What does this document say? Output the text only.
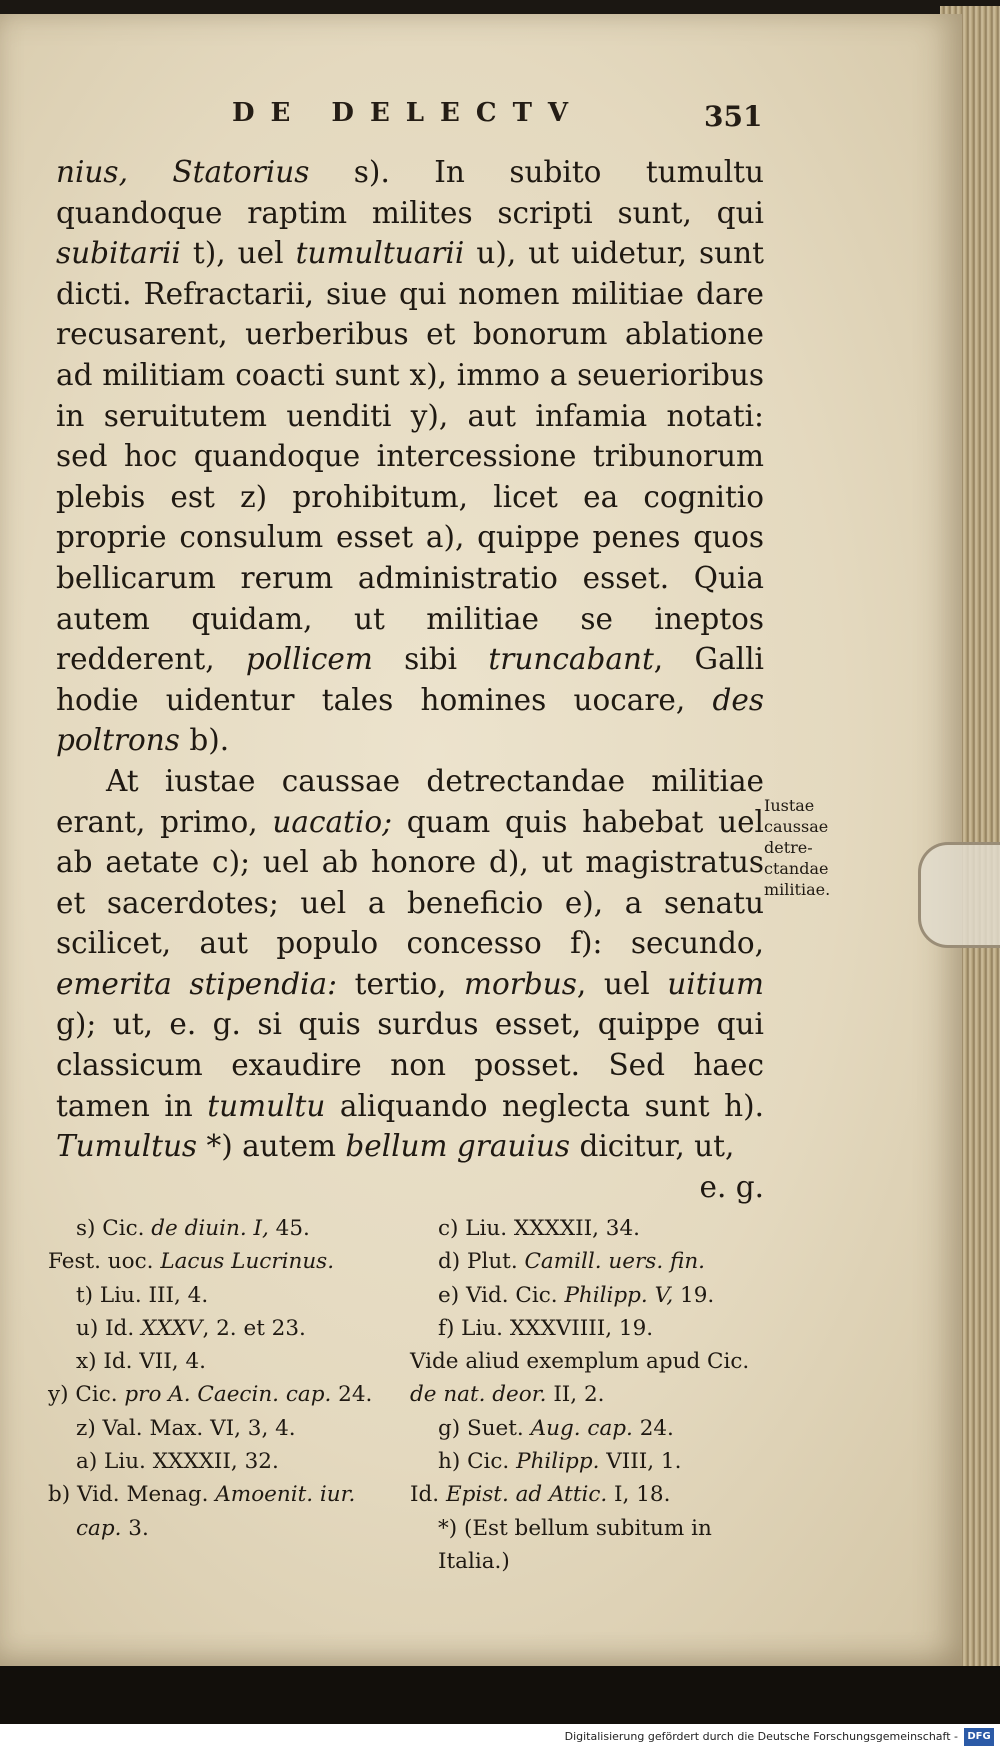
DE DELECTV	351

nius, Statorius s). In subito tumultu quandoque raptim milites scripti sunt, qui subitarii t), uel tumultuarii u), ut uidetur, sunt dicti. Refractarii, siue qui nomen militiae dare recusarent, uerberibus et bonorum ablatione ad militiam coacti sunt x), immo a seuerioribus in seruitutem uenditi y), aut infamia notati: sed hoc quandoque intercessione tribunorum plebis est z) prohibitum, licet ea cognitio proprie consulum esset a), quippe penes quos bellicarum rerum administratio esset. Quia autem quidam, ut militiae se ineptos redderent, pollicem sibi truncabant, Galli hodie uidentur tales homines uocare, des poltrons b).

At iustae caussae detrectandae militiae erant, primo, uacatio; quam quis habebat uel ab aetate c); uel ab honore d), ut magistratus et sacerdotes; uel a beneficio e), a senatu scilicet, aut populo concesso f): secundo, emerita stipendia: tertio, morbus, uel uitium g); ut, e. g. si quis surdus esset, quippe qui classicum exaudire non posset. Sed haec tamen in tumultu aliquando neglecta sunt h). Tumultus *) autem bellum grauius dicitur, ut,

e. g.
Iustae
caussae
detre-
ctandae
militiae.
s) Cic. de diuin. I, 45.
Fest. uoc. Lacus Lucrinus.
t) Liu. III, 4.
u) Id. XXXV, 2. et 23.
x) Id. VII, 4.
y) Cic. pro A. Caecin. cap. 24.
z) Val. Max. VI, 3, 4.
a) Liu. XXXXII, 32.
b) Vid. Menag. Amoenit. iur. cap. 3.
c) Liu. XXXXII, 34.
d) Plut. Camill. uers. fin.
e) Vid. Cic. Philipp. V, 19.
f) Liu. XXXVIIII, 19.
Vide aliud exemplum apud Cic. de nat. deor. II, 2.
g) Suet. Aug. cap. 24.
h) Cic. Philipp. VIII, 1.
Id. Epist. ad Attic. I, 18.
*) (Est bellum subitum in Italia.)
Digitalisierung gefördert durch die Deutsche Forschungsgemeinschaft - DFG
